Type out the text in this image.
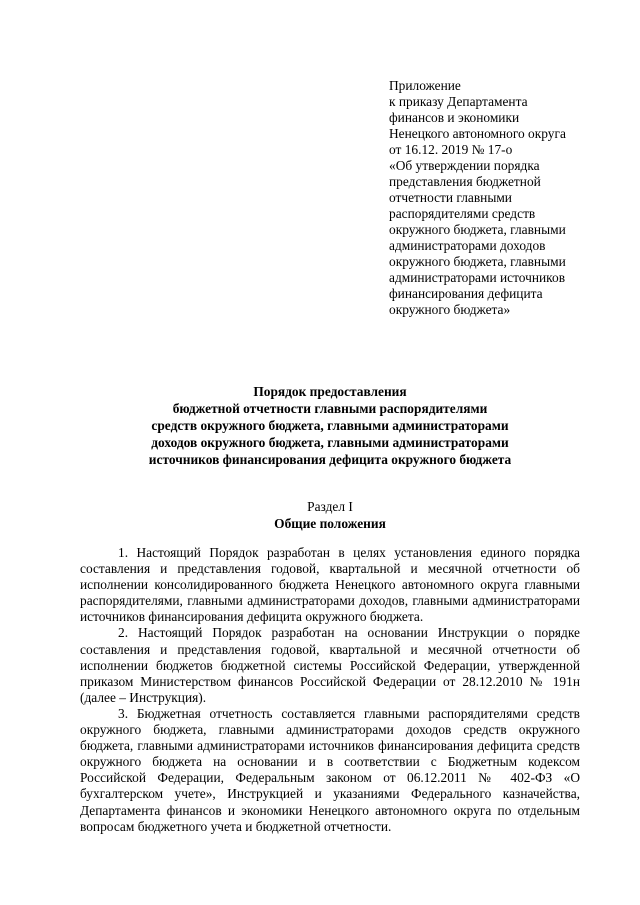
Приложение
к приказу Департамента
финансов и экономики
Ненецкого автономного округа
от 16.12. 2019 № 17-о
«Об утверждении порядка
представления бюджетной
отчетности главными
распорядителями средств
окружного бюджета, главными
администраторами доходов
окружного бюджета, главными
администраторами источников
финансирования дефицита
окружного бюджета»
Порядок предоставления
бюджетной отчетности главными распорядителями
средств окружного бюджета, главными администраторами
доходов окружного бюджета, главными администраторами
источников финансирования дефицита окружного бюджета
Раздел I
Общие положения

1. Настоящий Порядок разработан в целях установления единого порядка составления и представления годовой, квартальной и месячной отчетности об исполнении консолидированного бюджета Ненецкого автономного округа главными распорядителями, главными администраторами доходов, главными администраторами источников финансирования дефицита окружного бюджета.

2. Настоящий Порядок разработан на основании Инструкции о порядке составления и представления годовой, квартальной и месячной отчетности об исполнении бюджетов бюджетной системы Российской Федерации, утвержденной приказом Министерством финансов Российской Федерации от 28.12.2010 № 191н (далее – Инструкция).

3. Бюджетная отчетность составляется главными распорядителями средств окружного бюджета, главными администраторами доходов средств окружного бюджета, главными администраторами источников финансирования дефицита средств окружного бюджета на основании и в соответствии с Бюджетным кодексом Российской Федерации, Федеральным законом от 06.12.2011 № 402-ФЗ «О бухгалтерском учете», Инструкцией и указаниями Федерального казначейства, Департамента финансов и экономики Ненецкого автономного округа по отдельным вопросам бюджетного учета и бюджетной отчетности.
